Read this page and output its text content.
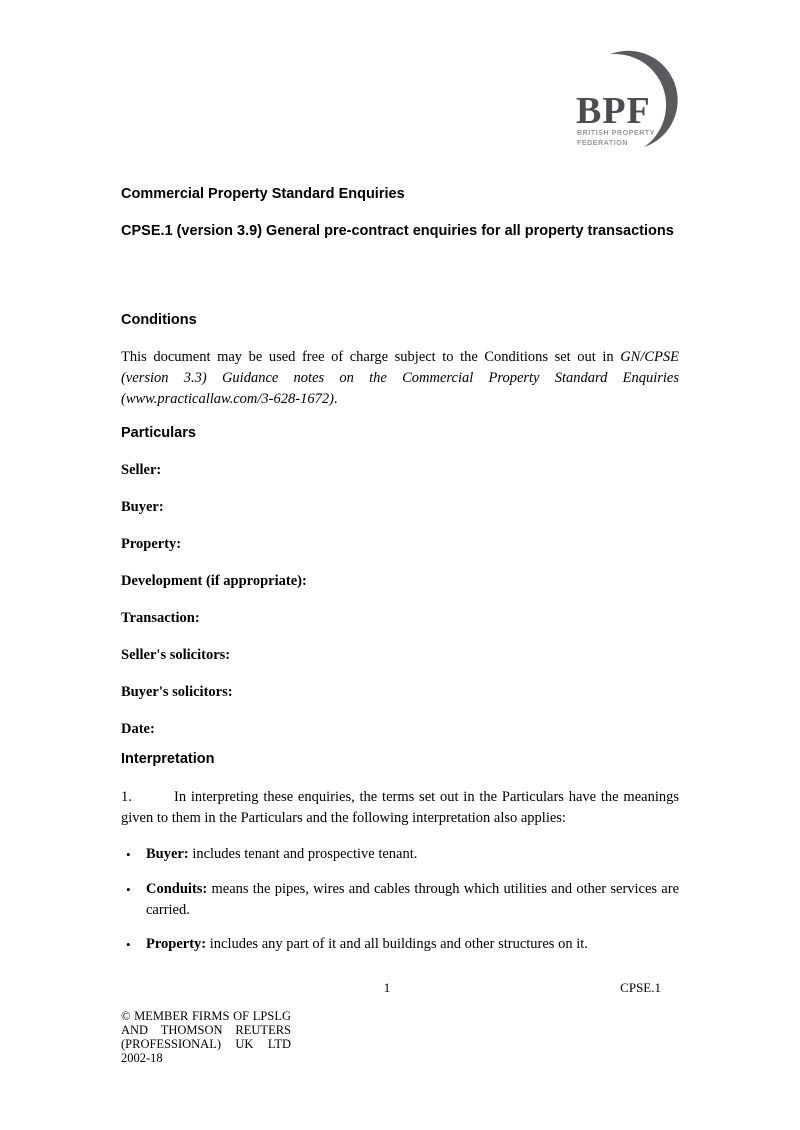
BPF
BRITISH PROPERTY
FEDERATION
Commercial Property Standard Enquiries
CPSE.1 (version 3.9) General pre-contract enquiries for all property transactions
Conditions
This document may be used free of charge subject to the Conditions set out in GN/CPSE (version 3.3) Guidance notes on the Commercial Property Standard Enquiries (www.practicallaw.com/3-628-1672).
Particulars
Seller:
Buyer:
Property:
Development (if appropriate):
Transaction:
Seller's solicitors:
Buyer's solicitors:
Date:
Interpretation
1.	In interpreting these enquiries, the terms set out in the Particulars have the meanings given to them in the Particulars and the following interpretation also applies:
• Buyer: includes tenant and prospective tenant.
• Conduits: means the pipes, wires and cables through which utilities and other services are carried.
• Property: includes any part of it and all buildings and other structures on it.
1	CPSE.1
© MEMBER FIRMS OF LPSLG
AND THOMSON REUTERS
(PROFESSIONAL) UK LTD
2002-18
